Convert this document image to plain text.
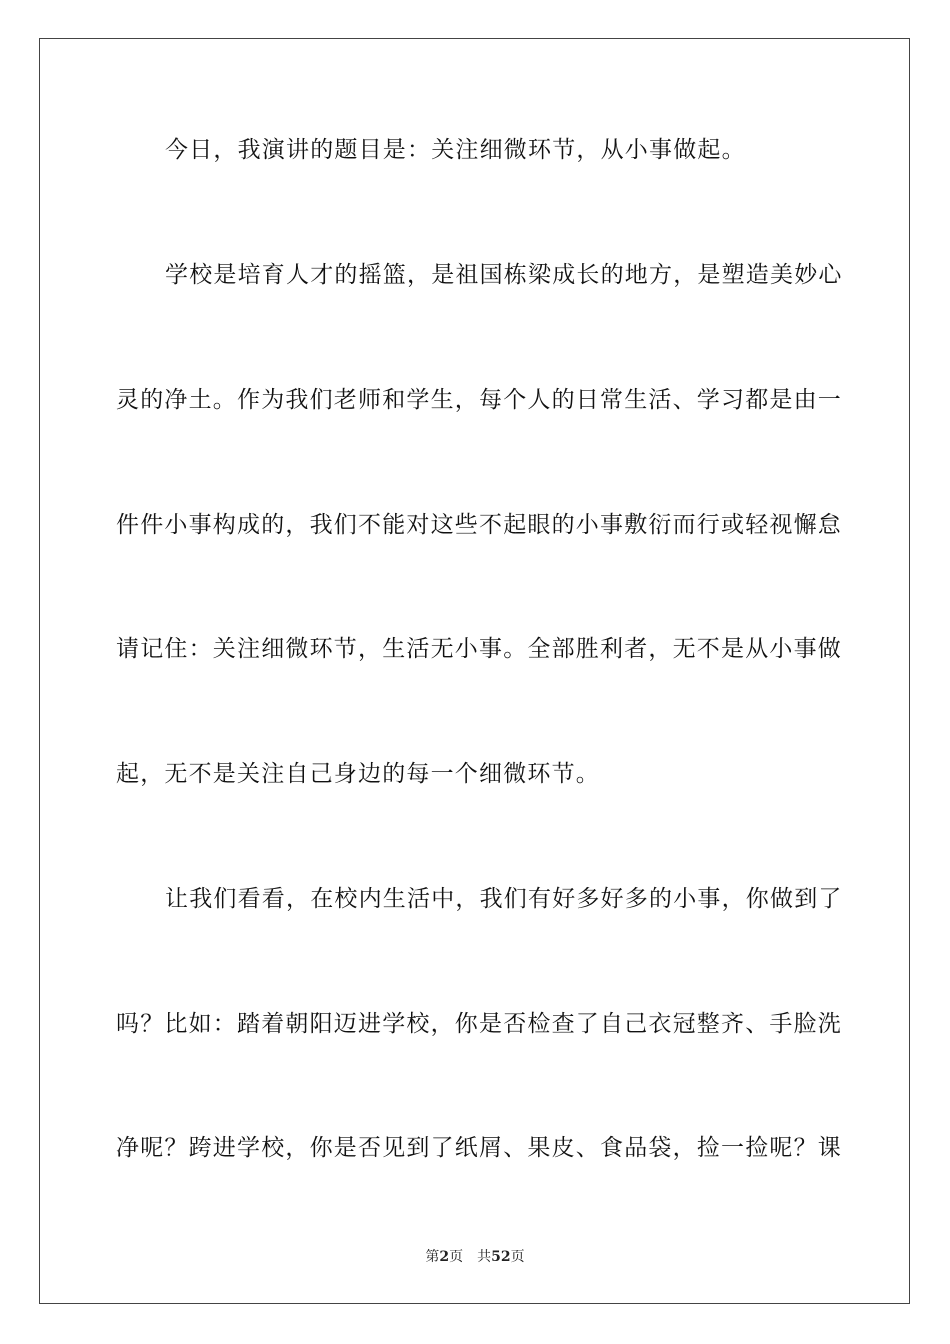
今日，我演讲的题目是：关注细微环节，从小事做起。
学校是培育人才的摇篮，是祖国栋梁成长的地方，是塑造美妙心
灵的净土。作为我们老师和学生，每个人的日常生活、学习都是由一
件件小事构成的，我们不能对这些不起眼的小事敷衍而行或轻视懈怠
请记住：关注细微环节，生活无小事。全部胜利者，无不是从小事做
起，无不是关注自己身边的每一个细微环节。
让我们看看，在校内生活中，我们有好多好多的小事，你做到了
吗？比如：踏着朝阳迈进学校，你是否检查了自己衣冠整齐、手脸洗
净呢？跨进学校，你是否见到了纸屑、果皮、食品袋，捡一捡呢？课
第2页 共52页
